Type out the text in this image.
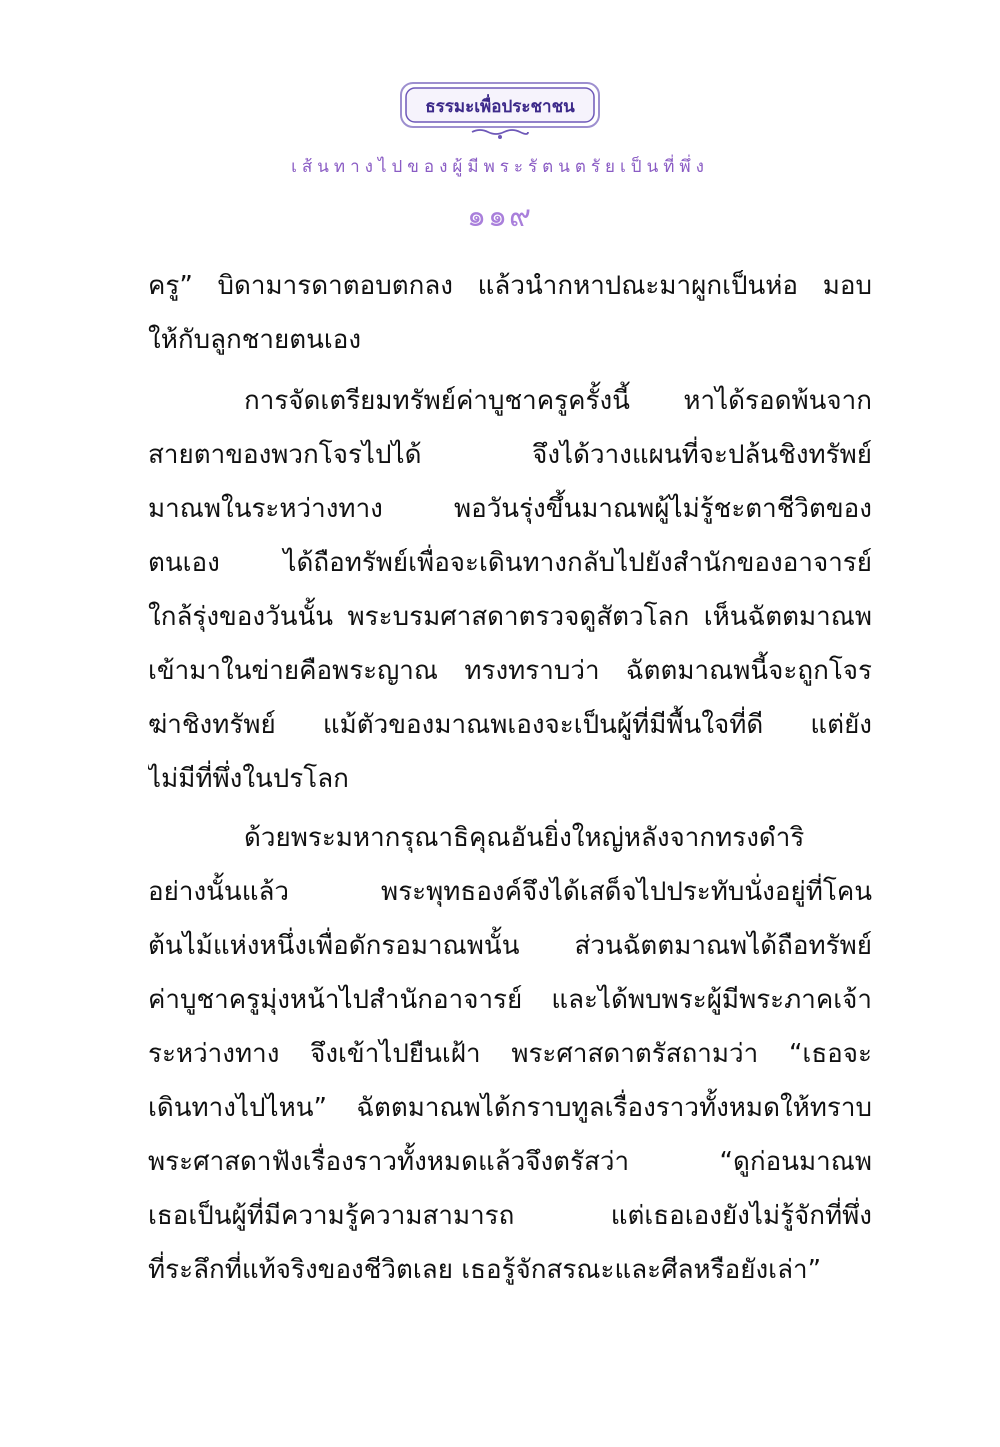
ธรรมะเพื่อประชาชน
เส้นทางไปของผู้มีพระรัตนตรัยเป็นที่พึ่ง
๑๑๙
ครู” บิดามารดาตอบตกลง แล้วนำกหาปณะมาผูกเป็นห่อ มอบ
ให้กับลูกชายตนเอง
การจัดเตรียมทรัพย์ค่าบูชาครูครั้งนี้ หาได้รอดพ้นจาก
สายตาของพวกโจรไปได้ จึงได้วางแผนที่จะปล้นชิงทรัพย์
มาณพในระหว่างทาง พอวันรุ่งขึ้นมาณพผู้ไม่รู้ชะตาชีวิตของ
ตนเอง ได้ถือทรัพย์เพื่อจะเดินทางกลับไปยังสำนักของอาจารย์
ใกล้รุ่งของวันนั้น พระบรมศาสดาตรวจดูสัตวโลก เห็นฉัตตมาณพ
เข้ามาในข่ายคือพระญาณ ทรงทราบว่า ฉัตตมาณพนี้จะถูกโจร
ฆ่าชิงทรัพย์ แม้ตัวของมาณพเองจะเป็นผู้ที่มีพื้นใจที่ดี แต่ยัง
ไม่มีที่พึ่งในปรโลก
ด้วยพระมหากรุณาธิคุณอันยิ่งใหญ่หลังจากทรงดำริ
อย่างนั้นแล้ว พระพุทธองค์จึงได้เสด็จไปประทับนั่งอยู่ที่โคน
ต้นไม้แห่งหนึ่งเพื่อดักรอมาณพนั้น ส่วนฉัตตมาณพได้ถือทรัพย์
ค่าบูชาครูมุ่งหน้าไปสำนักอาจารย์ และได้พบพระผู้มีพระภาคเจ้า
ระหว่างทาง จึงเข้าไปยืนเฝ้า พระศาสดาตรัสถามว่า “เธอจะ
เดินทางไปไหน” ฉัตตมาณพได้กราบทูลเรื่องราวทั้งหมดให้ทราบ
พระศาสดาฟังเรื่องราวทั้งหมดแล้วจึงตรัสว่า “ดูก่อนมาณพ
เธอเป็นผู้ที่มีความรู้ความสามารถ แต่เธอเองยังไม่รู้จักที่พึ่ง
ที่ระลึกที่แท้จริงของชีวิตเลย เธอรู้จักสรณะและศีลหรือยังเล่า”
